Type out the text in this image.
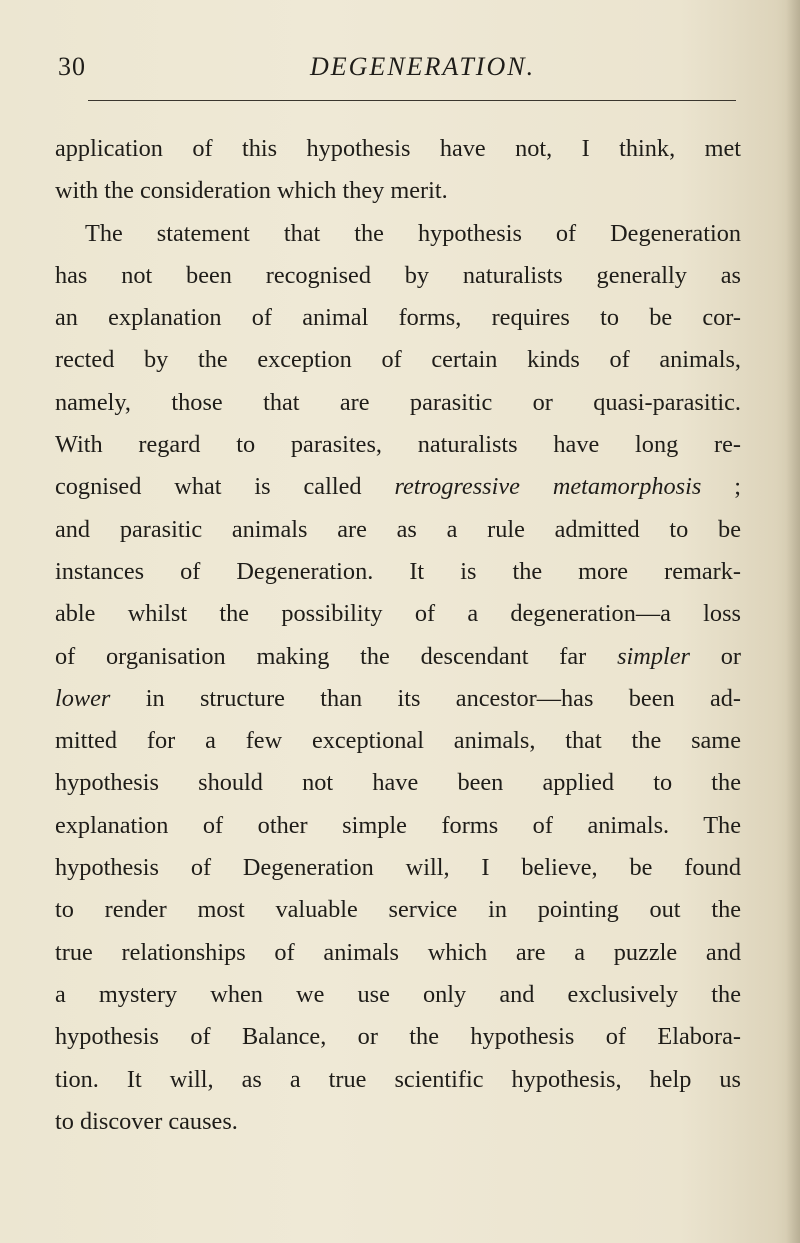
30	DEGENERATION.
application of this hypothesis have not, I think, met
with the consideration which they merit.
The statement that the hypothesis of Degeneration
has not been recognised by naturalists generally as
an explanation of animal forms, requires to be cor-
rected by the exception of certain kinds of animals,
namely, those that are parasitic or quasi-parasitic.
With regard to parasites, naturalists have long re-
cognised what is called retrogressive metamorphosis ;
and parasitic animals are as a rule admitted to be
instances of Degeneration. It is the more remark-
able whilst the possibility of a degeneration—a loss
of organisation making the descendant far simpler or
lower in structure than its ancestor—has been ad-
mitted for a few exceptional animals, that the same
hypothesis should not have been applied to the
explanation of other simple forms of animals. The
hypothesis of Degeneration will, I believe, be found
to render most valuable service in pointing out the
true relationships of animals which are a puzzle and
a mystery when we use only and exclusively the
hypothesis of Balance, or the hypothesis of Elabora-
tion. It will, as a true scientific hypothesis, help us
to discover causes.
